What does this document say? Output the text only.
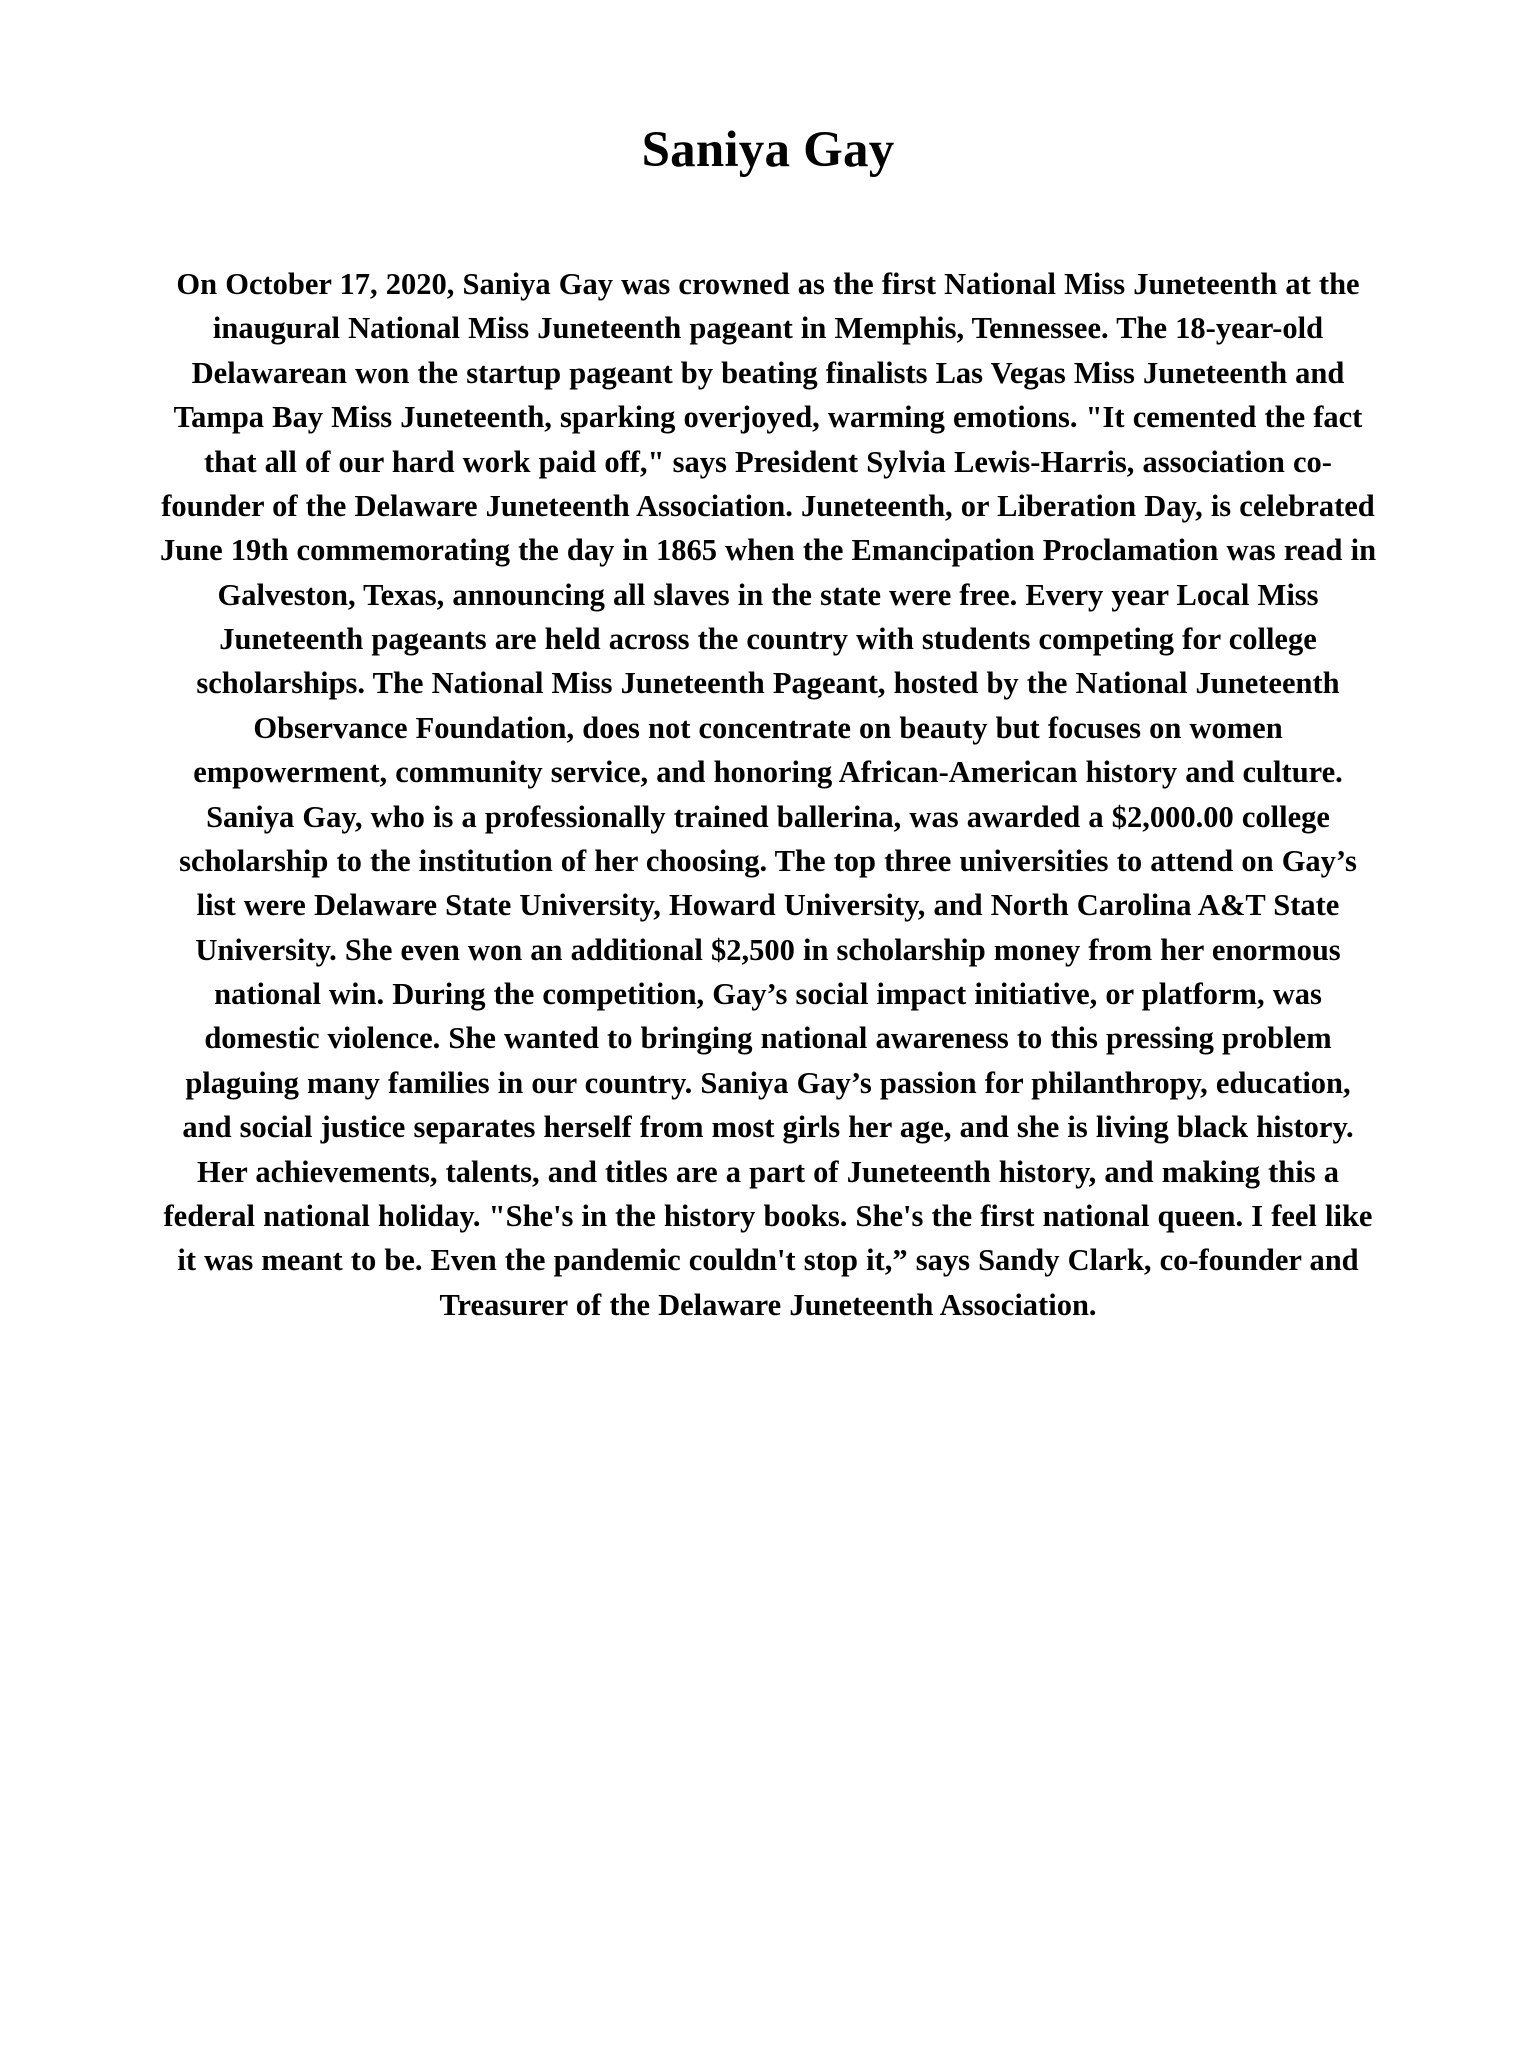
Saniya Gay

On October 17, 2020, Saniya Gay was crowned as the first National Miss Juneteenth at the inaugural National Miss Juneteenth pageant in Memphis, Tennessee. The 18-year-old Delawarean won the startup pageant by beating finalists Las Vegas Miss Juneteenth and Tampa Bay Miss Juneteenth, sparking overjoyed, warming emotions. "It cemented the fact that all of our hard work paid off," says President Sylvia Lewis-Harris, association co-founder of the Delaware Juneteenth Association. Juneteenth, or Liberation Day, is celebrated June 19th commemorating the day in 1865 when the Emancipation Proclamation was read in Galveston, Texas, announcing all slaves in the state were free. Every year Local Miss Juneteenth pageants are held across the country with students competing for college scholarships. The National Miss Juneteenth Pageant, hosted by the National Juneteenth Observance Foundation, does not concentrate on beauty but focuses on women empowerment, community service, and honoring African-American history and culture. Saniya Gay, who is a professionally trained ballerina, was awarded a $2,000.00 college scholarship to the institution of her choosing. The top three universities to attend on Gay’s list were Delaware State University, Howard University, and North Carolina A&T State University. She even won an additional $2,500 in scholarship money from her enormous national win. During the competition, Gay’s social impact initiative, or platform, was domestic violence. She wanted to bringing national awareness to this pressing problem plaguing many families in our country. Saniya Gay’s passion for philanthropy, education, and social justice separates herself from most girls her age, and she is living black history. Her achievements, talents, and titles are a part of Juneteenth history, and making this a federal national holiday. "She's in the history books. She's the first national queen. I feel like it was meant to be. Even the pandemic couldn't stop it,” says Sandy Clark, co-founder and Treasurer of the Delaware Juneteenth Association.
